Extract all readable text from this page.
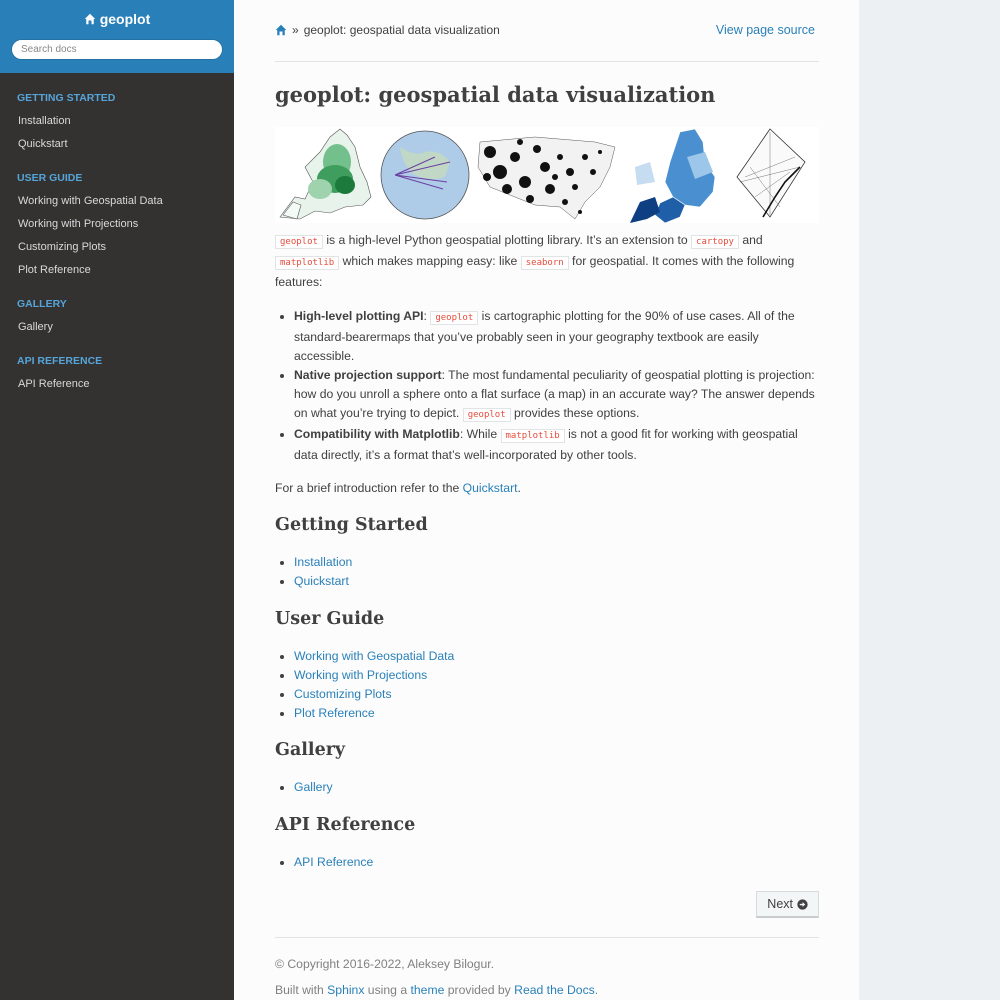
geoplot
Search docs

GETTING STARTED

Installation
Quickstart

USER GUIDE

Working with Geospatial Data
Working with Projections
Customizing Plots
Plot Reference

GALLERY

Gallery

API REFERENCE

API Reference
» geoplot: geospatial data visualization	View page source
geoplot: geospatial data visualization

geoplot is a high-level Python geospatial plotting library. It’s an extension to cartopy and matplotlib which makes mapping easy: like seaborn for geospatial. It comes with the following features:

• High-level plotting API: geoplot is cartographic plotting for the 90% of use cases. All of the standard-bearermaps that you’ve probably seen in your geography textbook are easily accessible.
• Native projection support: The most fundamental peculiarity of geospatial plotting is projection: how do you unroll a sphere onto a flat surface (a map) in an accurate way? The answer depends on what you’re trying to depict. geoplot provides these options.
• Compatibility with Matplotlib: While matplotlib is not a good fit for working with geospatial data directly, it’s a format that’s well-incorporated by other tools.

For a brief introduction refer to the Quickstart.

Getting Started
• Installation
• Quickstart
User Guide
• Working with Geospatial Data
• Working with Projections
• Customizing Plots
• Plot Reference
Gallery
• Gallery
API Reference
• API Reference
Next
© Copyright 2016-2022, Aleksey Bilogur.
Built with Sphinx using a theme provided by Read the Docs.
